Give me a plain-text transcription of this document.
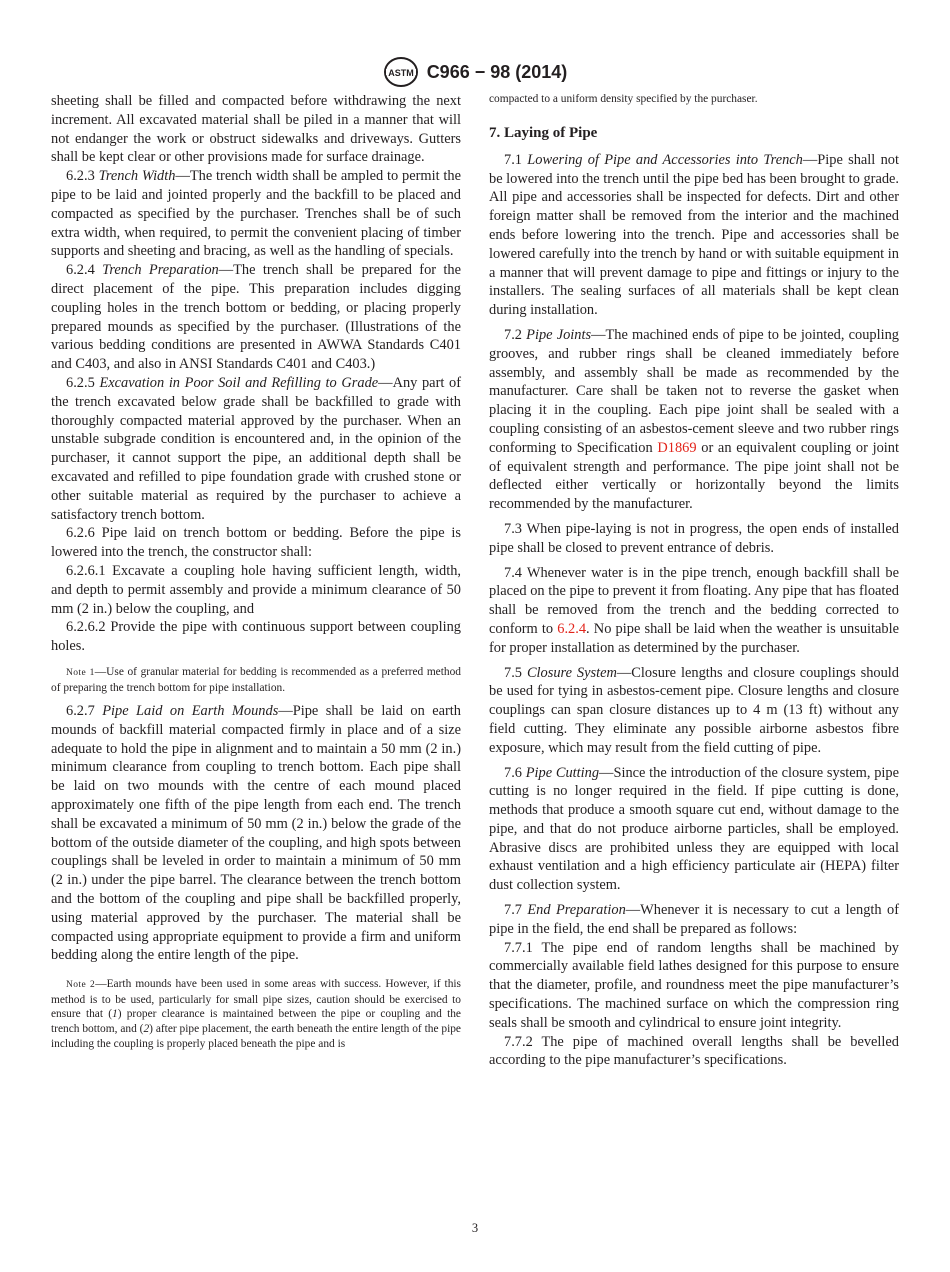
ASTM C966 − 98 (2014)

sheeting shall be filled and compacted before withdrawing the next increment. All excavated material shall be piled in a manner that will not endanger the work or obstruct sidewalks and driveways. Gutters shall be kept clear or other provisions made for surface drainage.

6.2.3 Trench Width—The trench width shall be ampled to permit the pipe to be laid and jointed properly and the backfill to be placed and compacted as specified by the purchaser. Trenches shall be of such extra width, when required, to permit the convenient placing of timber supports and sheeting and bracing, as well as the handling of specials.

6.2.4 Trench Preparation—The trench shall be prepared for the direct placement of the pipe. This preparation includes digging coupling holes in the trench bottom or bedding, or placing properly prepared mounds as specified by the purchaser. (Illustrations of the various bedding conditions are presented in AWWA Standards C401 and C403, and also in ANSI Standards C401 and C403.)

6.2.5 Excavation in Poor Soil and Refilling to Grade—Any part of the trench excavated below grade shall be backfilled to grade with thoroughly compacted material approved by the purchaser. When an unstable subgrade condition is encountered and, in the opinion of the purchaser, it cannot support the pipe, an additional depth shall be excavated and refilled to pipe foundation grade with crushed stone or other suitable material as required by the purchaser to achieve a satisfactory trench bottom.

6.2.6 Pipe laid on trench bottom or bedding. Before the pipe is lowered into the trench, the constructor shall:

6.2.6.1 Excavate a coupling hole having sufficient length, width, and depth to permit assembly and provide a minimum clearance of 50 mm (2 in.) below the coupling, and

6.2.6.2 Provide the pipe with continuous support between coupling holes.

Note 1—Use of granular material for bedding is recommended as a preferred method of preparing the trench bottom for pipe installation.

6.2.7 Pipe Laid on Earth Mounds—Pipe shall be laid on earth mounds of backfill material compacted firmly in place and of a size adequate to hold the pipe in alignment and to maintain a 50 mm (2 in.) minimum clearance from coupling to trench bottom. Each pipe shall be laid on two mounds with the centre of each mound placed approximately one fifth of the pipe length from each end. The trench shall be excavated a minimum of 50 mm (2 in.) below the grade of the bottom of the outside diameter of the coupling, and high spots between couplings shall be leveled in order to maintain a minimum of 50 mm (2 in.) under the pipe barrel. The clearance between the trench bottom and the bottom of the coupling and pipe shall be backfilled properly, using material approved by the purchaser. The material shall be compacted using appropriate equipment to provide a firm and uniform bedding along the entire length of the pipe.

Note 2—Earth mounds have been used in some areas with success. However, if this method is to be used, particularly for small pipe sizes, caution should be exercised to ensure that (1) proper clearance is maintained between the pipe or coupling and the trench bottom, and (2) after pipe placement, the earth beneath the entire length of the pipe including the coupling is properly placed beneath the pipe and is

compacted to a uniform density specified by the purchaser.

7. Laying of Pipe

7.1 Lowering of Pipe and Accessories into Trench—Pipe shall not be lowered into the trench until the pipe bed has been brought to grade. All pipe and accessories shall be inspected for defects. Dirt and other foreign matter shall be removed from the interior and the machined ends before lowering into the trench. Pipe and accessories shall be lowered carefully into the trench by hand or with suitable equipment in a manner that will prevent damage to pipe and fittings or injury to the installers. The sealing surfaces of all materials shall be kept clean during installation.

7.2 Pipe Joints—The machined ends of pipe to be jointed, coupling grooves, and rubber rings shall be cleaned immediately before assembly, and assembly shall be made as recommended by the manufacturer. Care shall be taken not to reverse the gasket when placing it in the coupling. Each pipe joint shall be sealed with a coupling consisting of an asbestos-cement sleeve and two rubber rings conforming to Specification D1869 or an equivalent coupling or joint of equivalent strength and performance. The pipe joint shall not be deflected either vertically or horizontally beyond the limits recommended by the manufacturer.

7.3 When pipe-laying is not in progress, the open ends of installed pipe shall be closed to prevent entrance of debris.

7.4 Whenever water is in the pipe trench, enough backfill shall be placed on the pipe to prevent it from floating. Any pipe that has floated shall be removed from the trench and the bedding corrected to conform to 6.2.4. No pipe shall be laid when the weather is unsuitable for proper installation as determined by the purchaser.

7.5 Closure System—Closure lengths and closure couplings should be used for tying in asbestos-cement pipe. Closure lengths and closure couplings can span closure distances up to 4 m (13 ft) without any field cutting. They eliminate any possible airborne asbestos fibre exposure, which may result from the field cutting of pipe.

7.6 Pipe Cutting—Since the introduction of the closure system, pipe cutting is no longer required in the field. If pipe cutting is done, methods that produce a smooth square cut end, without damage to the pipe, and that do not produce airborne particles, shall be employed. Abrasive discs are prohibited unless they are equipped with local exhaust ventilation and a high efficiency particulate air (HEPA) filter dust collection system.

7.7 End Preparation—Whenever it is necessary to cut a length of pipe in the field, the end shall be prepared as follows:

7.7.1 The pipe end of random lengths shall be machined by commercially available field lathes designed for this purpose to ensure that the diameter, profile, and roundness meet the pipe manufacturer’s specifications. The machined surface on which the compression ring seals shall be smooth and cylindrical to ensure joint integrity.

7.7.2 The pipe of machined overall lengths shall be bevelled according to the pipe manufacturer’s specifications.

3
